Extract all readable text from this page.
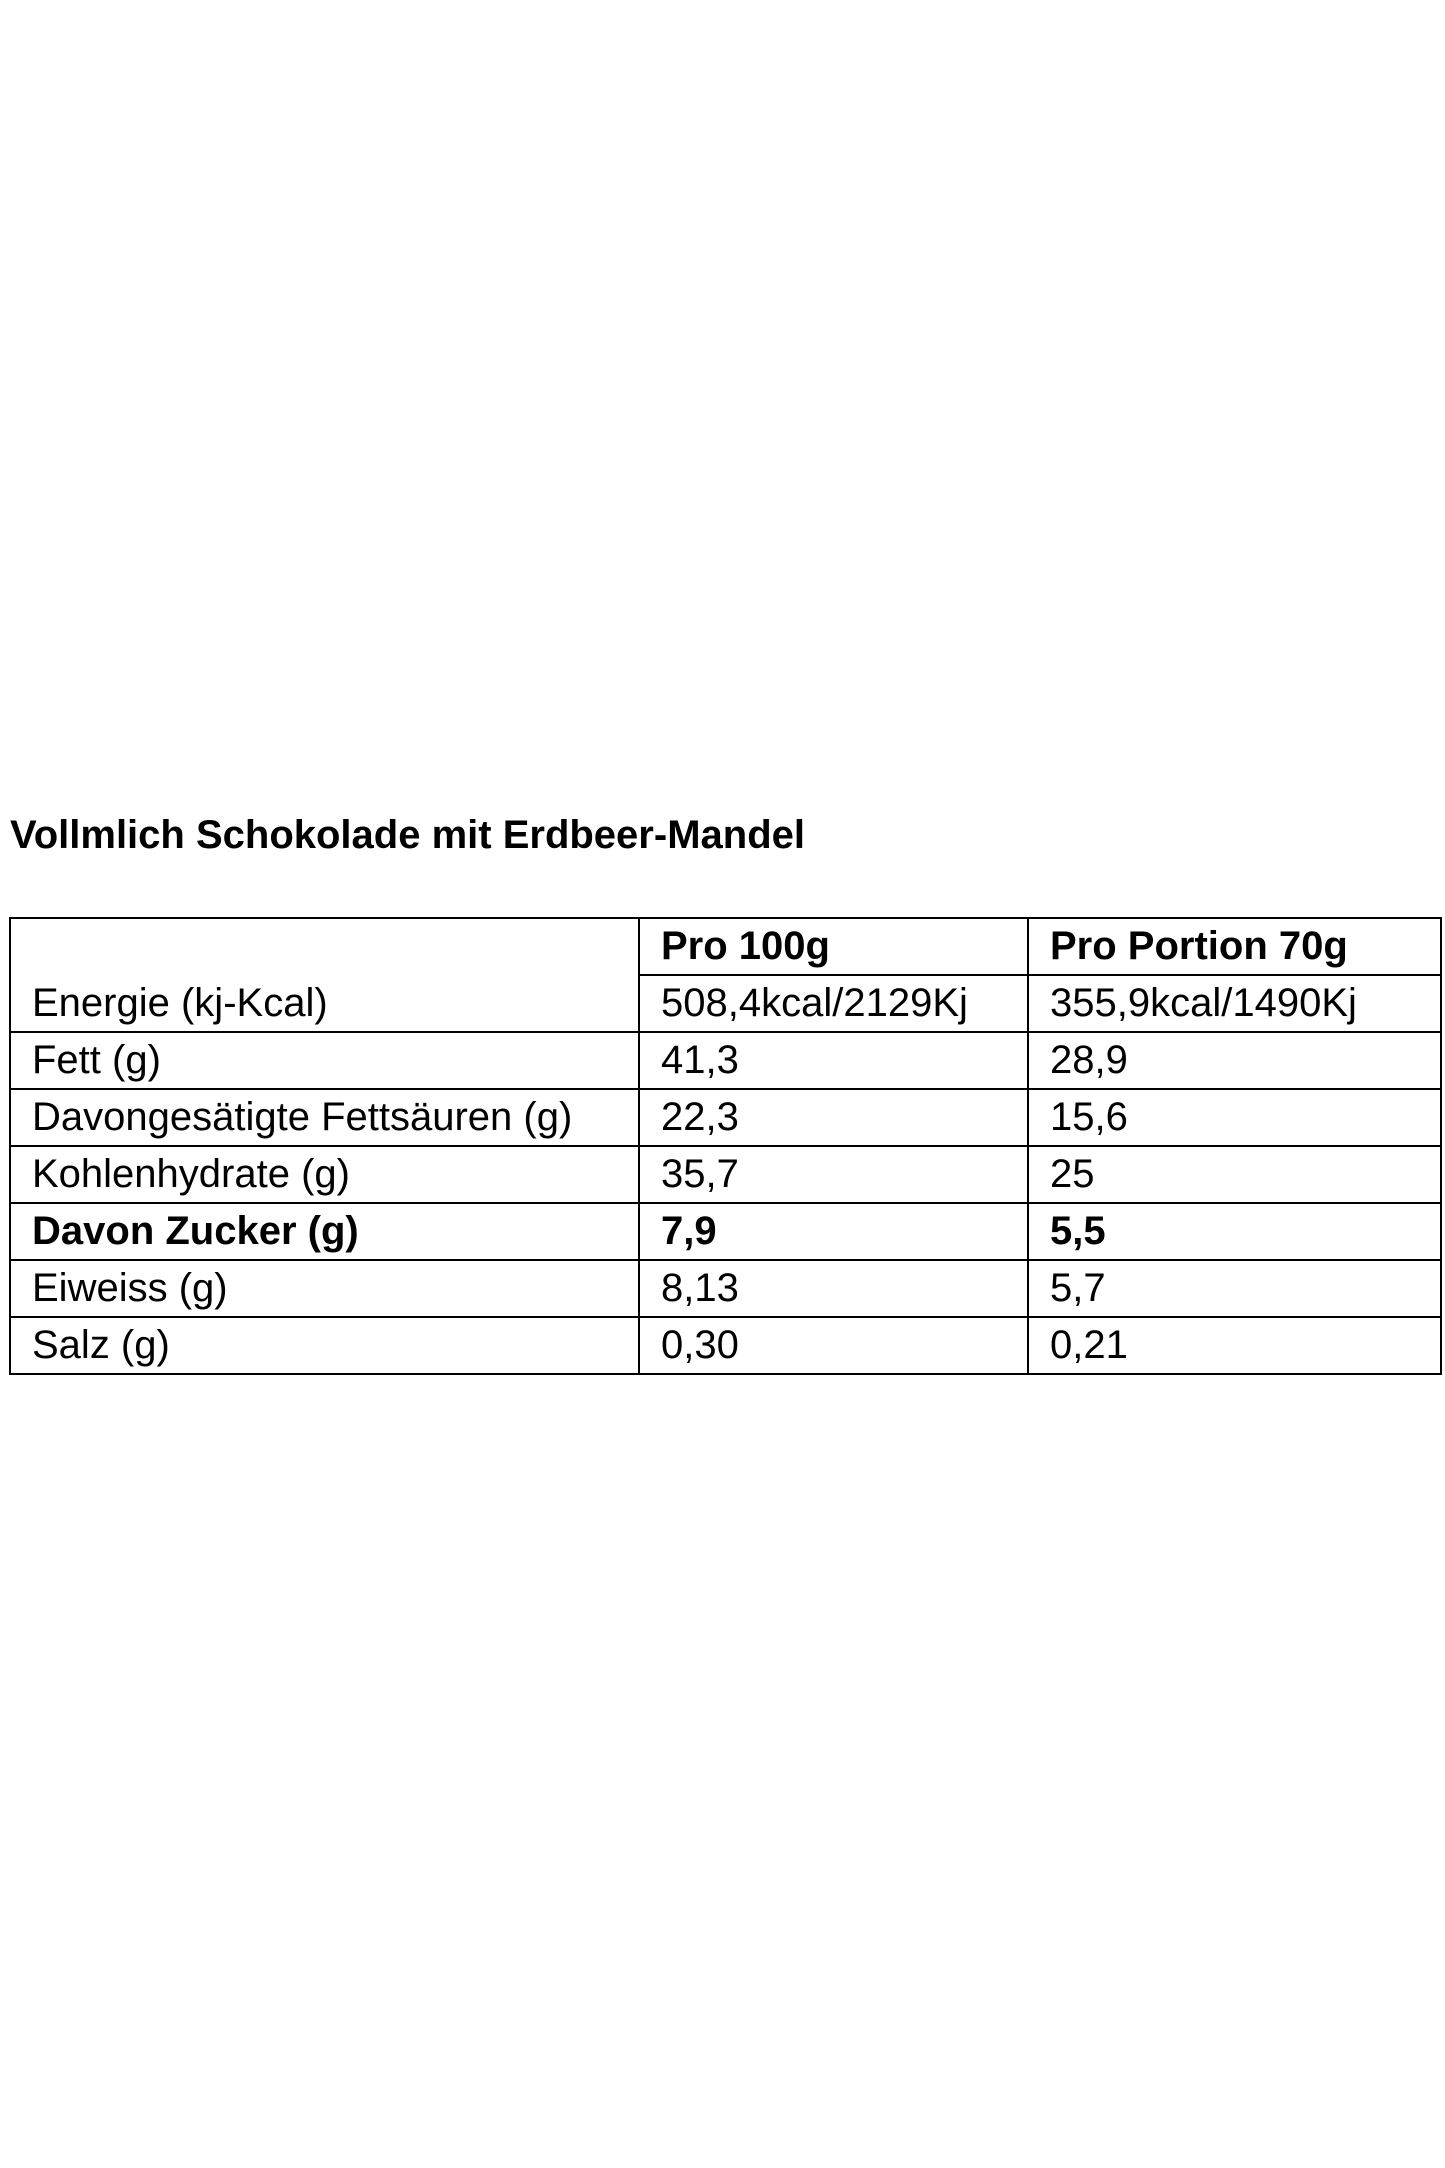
Vollmlich Schokolade mit Erdbeer-Mandel
	Pro 100g	Pro Portion 70g
Energie (kj-Kcal)	508,4kcal/2129Kj	355,9kcal/1490Kj
Fett (g)	41,3	28,9
Davongesätigte Fettsäuren (g)	22,3	15,6
Kohlenhydrate (g)	35,7	25
Davon Zucker (g)	7,9	5,5
Eiweiss (g)	8,13	5,7
Salz (g)	0,30	0,21
